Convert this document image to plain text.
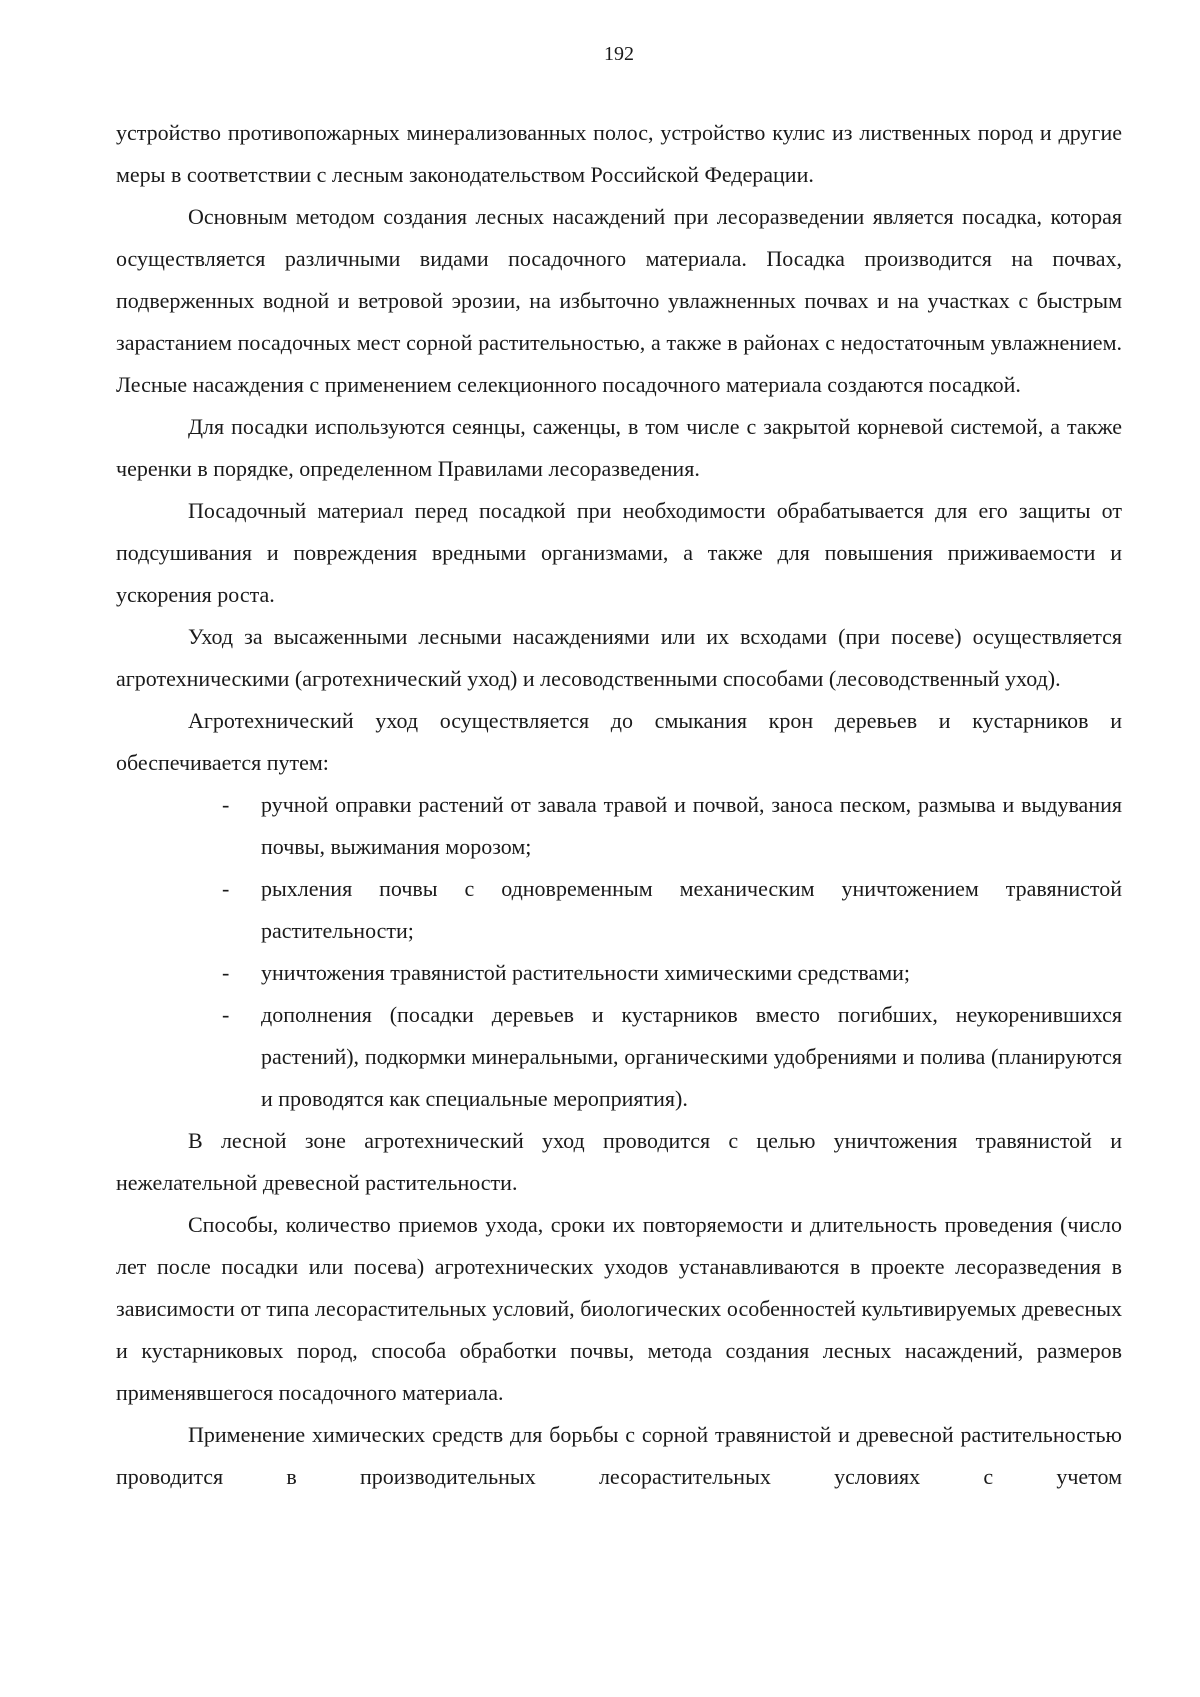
192

устройство противопожарных минерализованных полос, устройство кулис из лиственных пород и другие меры в соответствии с лесным законодательством Российской Федерации.

Основным методом создания лесных насаждений при лесоразведении является посадка, которая осуществляется различными видами посадочного материала. Посадка производится на почвах, подверженных водной и ветровой эрозии, на избыточно увлажненных почвах и на участках с быстрым зарастанием посадочных мест сорной растительностью, а также в районах с недостаточным увлажнением. Лесные насаждения с применением селекционного посадочного материала создаются посадкой.

Для посадки используются сеянцы, саженцы, в том числе с закрытой корневой системой, а также черенки в порядке, определенном Правилами лесоразведения.

Посадочный материал перед посадкой при необходимости обрабатывается для его защиты от подсушивания и повреждения вредными организмами, а также для повышения приживаемости и ускорения роста.

Уход за высаженными лесными насаждениями или их всходами (при посеве) осуществляется агротехническими (агротехнический уход) и лесоводственными способами (лесоводственный уход).

Агротехнический уход осуществляется до смыкания крон деревьев и кустарников и обеспечивается путем:

- ручной оправки растений от завала травой и почвой, заноса песком, размыва и выдувания почвы, выжимания морозом;
- рыхления почвы с одновременным механическим уничтожением травянистой растительности;
- уничтожения травянистой растительности химическими средствами;
- дополнения (посадки деревьев и кустарников вместо погибших, неукоренившихся растений), подкормки минеральными, органическими удобрениями и полива (планируются и проводятся как специальные мероприятия).

В лесной зоне агротехнический уход проводится с целью уничтожения травянистой и нежелательной древесной растительности.

Способы, количество приемов ухода, сроки их повторяемости и длительность проведения (число лет после посадки или посева) агротехнических уходов устанавливаются в проекте лесоразведения в зависимости от типа лесорастительных условий, биологических особенностей культивируемых древесных и кустарниковых пород, способа обработки почвы, метода создания лесных насаждений, размеров применявшегося посадочного материала.

Применение химических средств для борьбы с сорной травянистой и древесной растительностью проводится в производительных лесорастительных условиях с учетом
